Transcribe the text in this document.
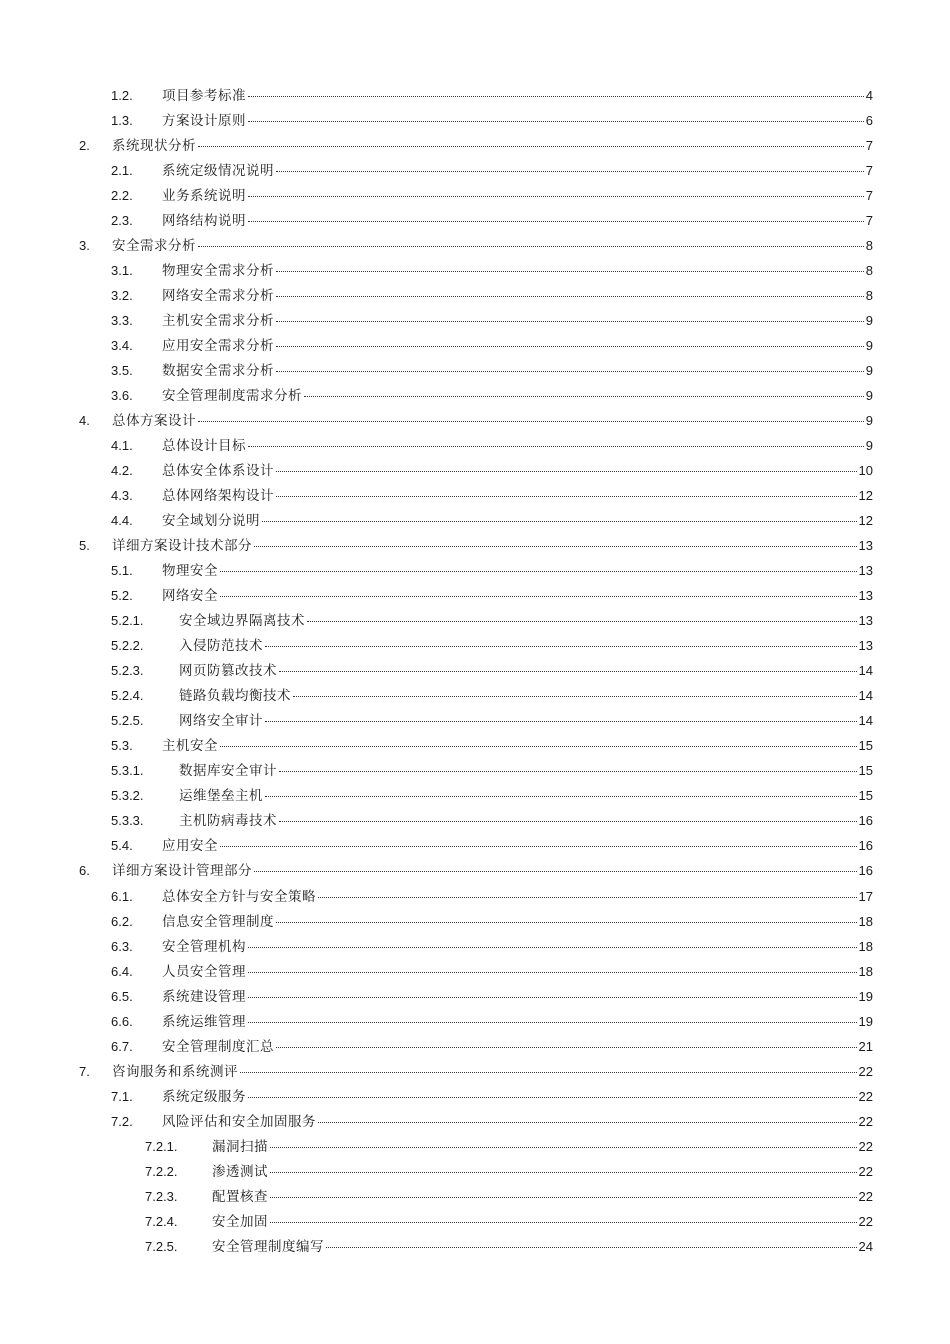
1.2. 项目参考标准	4
1.3. 方案设计原则	6
2. 系统现状分析	7
2.1. 系统定级情况说明	7
2.2. 业务系统说明	7
2.3. 网络结构说明	7
3. 安全需求分析	8
3.1. 物理安全需求分析	8
3.2. 网络安全需求分析	8
3.3. 主机安全需求分析	9
3.4. 应用安全需求分析	9
3.5. 数据安全需求分析	9
3.6. 安全管理制度需求分析	9
4. 总体方案设计	9
4.1. 总体设计目标	9
4.2. 总体安全体系设计	10
4.3. 总体网络架构设计	12
4.4. 安全域划分说明	12
5. 详细方案设计技术部分	13
5.1. 物理安全	13
5.2. 网络安全	13
5.2.1.	安全域边界隔离技术	13
5.2.2.	入侵防范技术	13
5.2.3.	网页防篡改技术	14
5.2.4.	链路负载均衡技术	14
5.2.5.	网络安全审计	14
5.3. 主机安全	15
5.3.1.	数据库安全审计	15
5.3.2.	运维堡垒主机	15
5.3.3.	主机防病毒技术	16
5.4. 应用安全	16
6. 详细方案设计管理部分	16
6.1. 总体安全方针与安全策略	17
6.2. 信息安全管理制度	18
6.3. 安全管理机构	18
6.4. 人员安全管理	18
6.5. 系统建设管理	19
6.6. 系统运维管理	19
6.7. 安全管理制度汇总	21
7. 咨询服务和系统测评	22
7.1. 系统定级服务	22
7.2. 风险评估和安全加固服务	22
7.2.1.	漏洞扫描	22
7.2.2.	渗透测试	22
7.2.3.	配置核查	22
7.2.4.	安全加固	22
7.2.5.	安全管理制度编写	24
